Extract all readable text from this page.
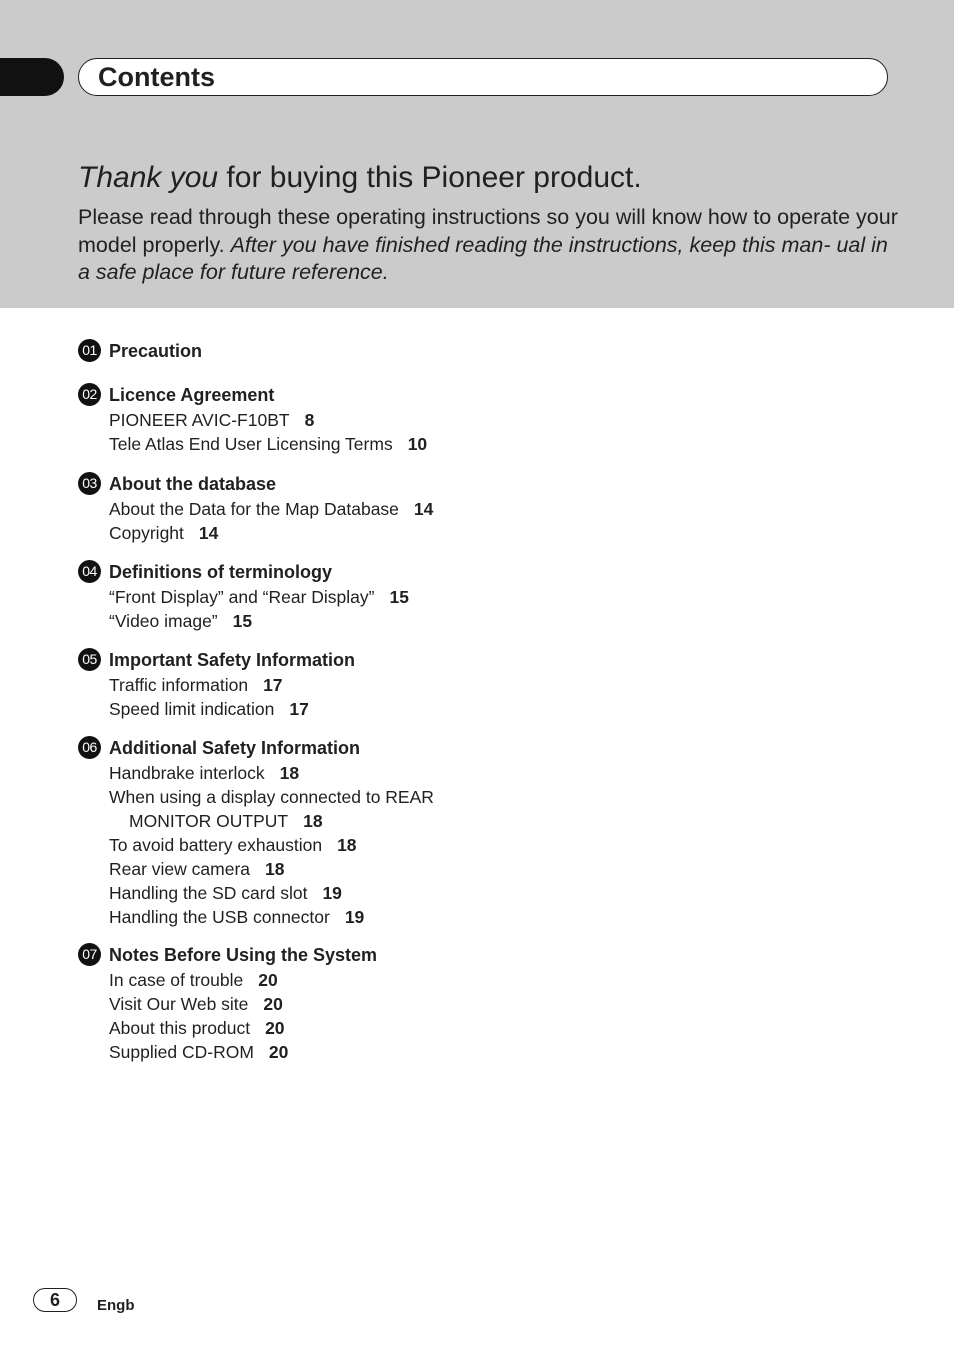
Contents
Thank you for buying this Pioneer product.

Please read through these operating instructions so you will know how to operate your model properly. After you have finished reading the instructions, keep this man- ual in a safe place for future reference.

01 Precaution
02 Licence Agreement
PIONEER AVIC-F10BT 8
Tele Atlas End User Licensing Terms 10
03 About the database
About the Data for the Map Database 14
Copyright 14
04 Definitions of terminology
“Front Display” and “Rear Display” 15
“Video image” 15
05 Important Safety Information
Traffic information 17
Speed limit indication 17
06 Additional Safety Information
Handbrake interlock 18
When using a display connected to REAR
MONITOR OUTPUT 18
To avoid battery exhaustion 18
Rear view camera 18
Handling the SD card slot 19
Handling the USB connector 19
07 Notes Before Using the System
In case of trouble 20
Visit Our Web site 20
About this product 20
Supplied CD-ROM 20
6	Engb
